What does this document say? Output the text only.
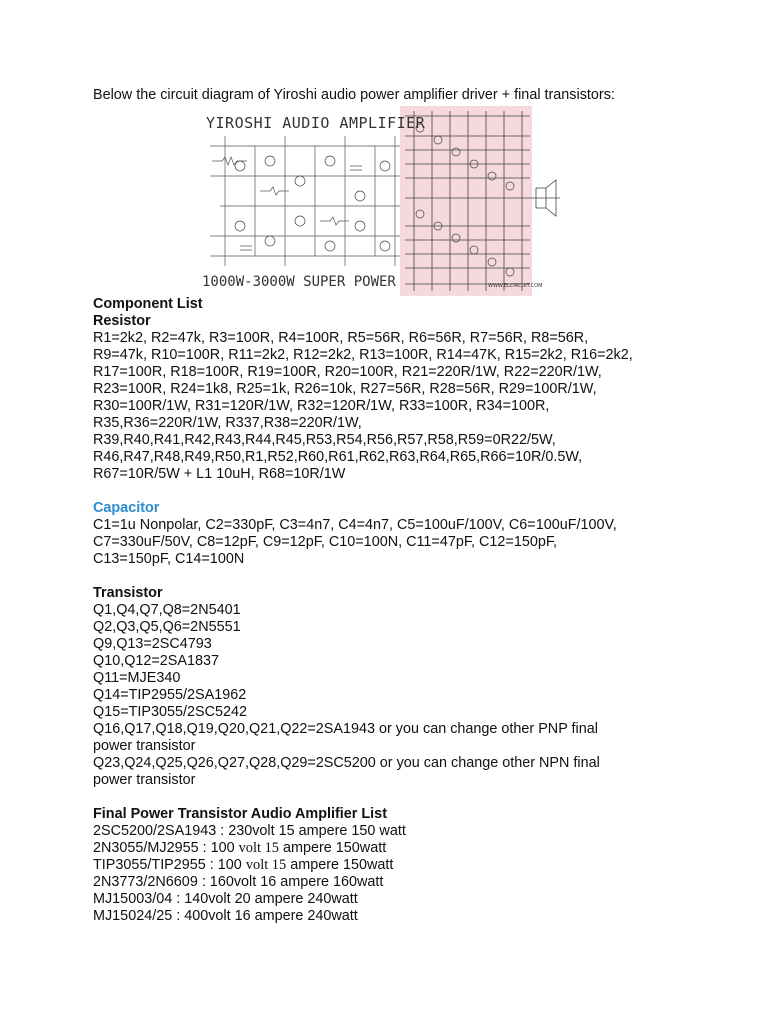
Below the circuit diagram of Yiroshi audio power amplifier driver + final transistors:

YIROSHI AUDIO AMPLIFIER
1000W-3000W SUPER POWER	WWW.ELCIRCUIT.COM

Component List

Resistor

R1=2k2, R2=47k, R3=100R, R4=100R, R5=56R, R6=56R, R7=56R, R8=56R,

R9=47k, R10=100R, R11=2k2, R12=2k2, R13=100R, R14=47K, R15=2k2, R16=2k2,

R17=100R, R18=100R, R19=100R, R20=100R, R21=220R/1W, R22=220R/1W,

R23=100R, R24=1k8, R25=1k, R26=10k, R27=56R, R28=56R, R29=100R/1W,

R30=100R/1W, R31=120R/1W, R32=120R/1W, R33=100R, R34=100R,

R35,R36=220R/1W, R337,R38=220R/1W,

R39,R40,R41,R42,R43,R44,R45,R53,R54,R56,R57,R58,R59=0R22/5W,

R46,R47,R48,R49,R50,R1,R52,R60,R61,R62,R63,R64,R65,R66=10R/0.5W,

R67=10R/5W + L1 10uH, R68=10R/1W

Capacitor

C1=1u Nonpolar, C2=330pF, C3=4n7, C4=4n7, C5=100uF/100V, C6=100uF/100V,

C7=330uF/50V, C8=12pF, C9=12pF, C10=100N, C11=47pF, C12=150pF,

C13=150pF, C14=100N

Transistor

Q1,Q4,Q7,Q8=2N5401

Q2,Q3,Q5,Q6=2N5551

Q9,Q13=2SC4793

Q10,Q12=2SA1837

Q11=MJE340

Q14=TIP2955/2SA1962

Q15=TIP3055/2SC5242

Q16,Q17,Q18,Q19,Q20,Q21,Q22=2SA1943 or you can change other PNP final

power transistor

Q23,Q24,Q25,Q26,Q27,Q28,Q29=2SC5200 or you can change other NPN final

power transistor

Final Power Transistor Audio Amplifier List

2SC5200/2SA1943 : 230volt 15 ampere 150 watt

2N3055/MJ2955 : 100 volt 15 ampere 150watt

TIP3055/TIP2955 : 100 volt 15 ampere 150watt

2N3773/2N6609 : 160volt 16 ampere 160watt

MJ15003/04 : 140volt 20 ampere 240watt

MJ15024/25 : 400volt 16 ampere 240watt
